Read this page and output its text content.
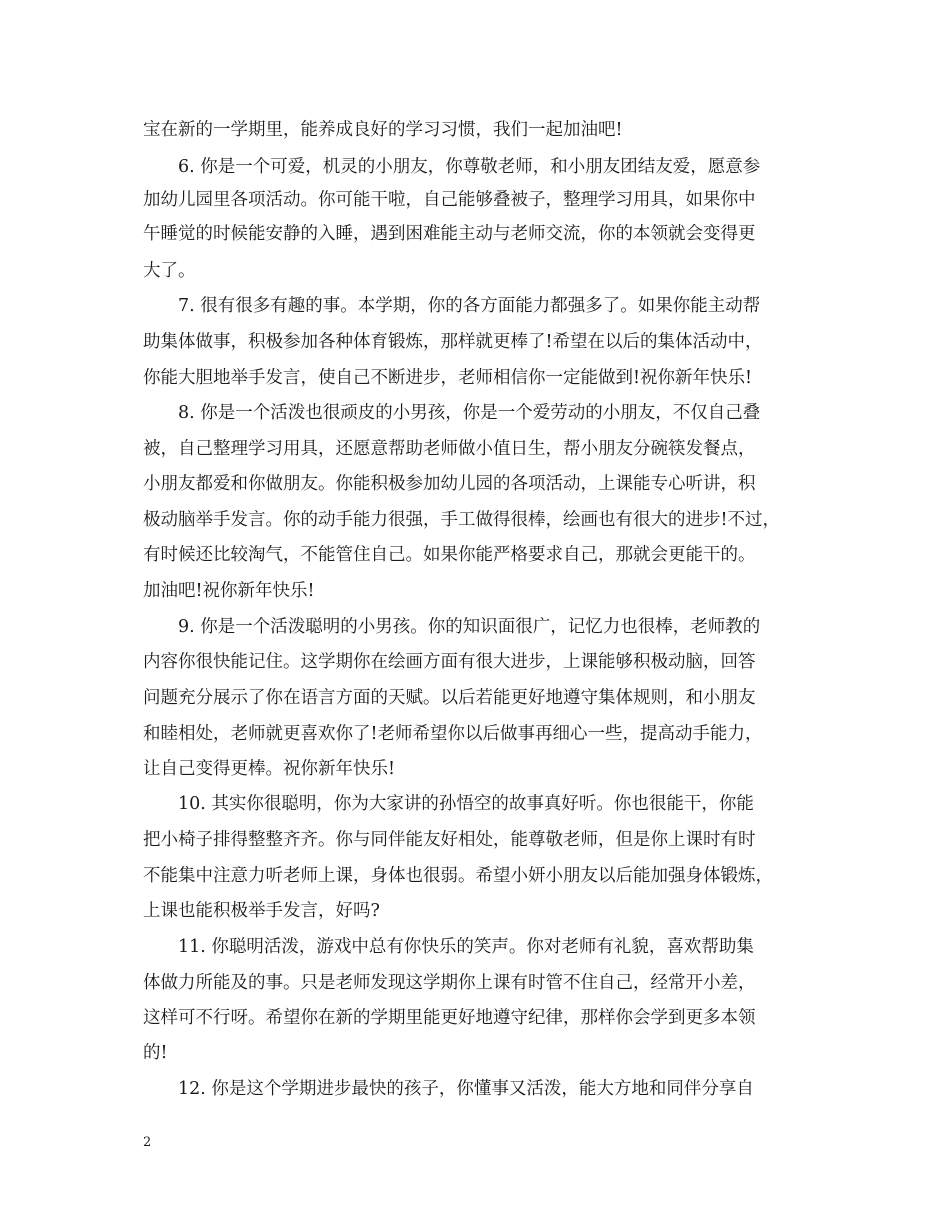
宝在新的一学期里，能养成良好的学习习惯，我们一起加油吧!
6. 你是一个可爱，机灵的小朋友，你尊敬老师，和小朋友团结友爱，愿意参
加幼儿园里各项活动。你可能干啦，自己能够叠被子，整理学习用具，如果你中
午睡觉的时候能安静的入睡，遇到困难能主动与老师交流，你的本领就会变得更
大了。
7. 很有很多有趣的事。本学期，你的各方面能力都强多了。如果你能主动帮
助集体做事，积极参加各种体育锻炼，那样就更棒了!希望在以后的集体活动中，
你能大胆地举手发言，使自己不断进步，老师相信你一定能做到!祝你新年快乐!
8. 你是一个活泼也很顽皮的小男孩，你是一个爱劳动的小朋友，不仅自己叠
被，自己整理学习用具，还愿意帮助老师做小值日生，帮小朋友分碗筷发餐点，
小朋友都爱和你做朋友。你能积极参加幼儿园的各项活动，上课能专心听讲，积
极动脑举手发言。你的动手能力很强，手工做得很棒，绘画也有很大的进步!不过，
有时候还比较淘气，不能管住自己。如果你能严格要求自己，那就会更能干的。
加油吧!祝你新年快乐!
9. 你是一个活泼聪明的小男孩。你的知识面很广，记忆力也很棒，老师教的
内容你很快能记住。这学期你在绘画方面有很大进步，上课能够积极动脑，回答
问题充分展示了你在语言方面的天赋。以后若能更好地遵守集体规则，和小朋友
和睦相处，老师就更喜欢你了!老师希望你以后做事再细心一些，提高动手能力，
让自己变得更棒。祝你新年快乐!
10. 其实你很聪明，你为大家讲的孙悟空的故事真好听。你也很能干，你能
把小椅子排得整整齐齐。你与同伴能友好相处，能尊敬老师，但是你上课时有时
不能集中注意力听老师上课，身体也很弱。希望小妍小朋友以后能加强身体锻炼，
上课也能积极举手发言，好吗?
11. 你聪明活泼，游戏中总有你快乐的笑声。你对老师有礼貌，喜欢帮助集
体做力所能及的事。只是老师发现这学期你上课有时管不住自己，经常开小差，
这样可不行呀。希望你在新的学期里能更好地遵守纪律，那样你会学到更多本领
的!
12. 你是这个学期进步最快的孩子，你懂事又活泼，能大方地和同伴分享自
2
